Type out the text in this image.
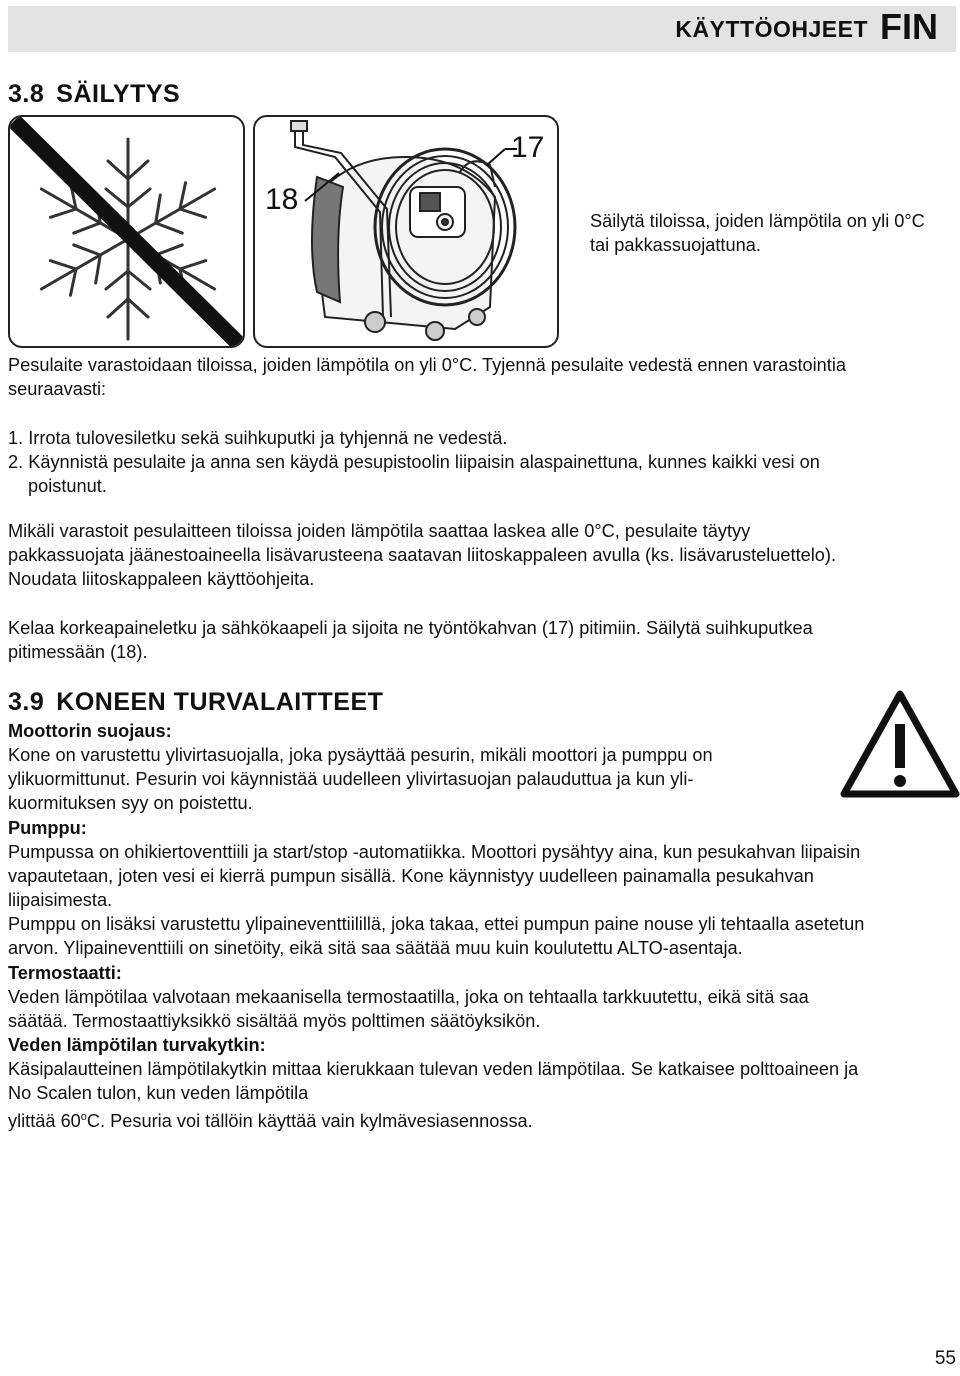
KÄYTTÖOHJEET FIN
3.8 SÄILYTYS
17
18
Säilytä tiloissa, joiden lämpötila on yli 0°C
tai pakkassuojattuna.
Pesulaite varastoidaan tiloissa, joiden lämpötila on yli 0°C. Tyjennä pesulaite vedestä ennen varastointia
seuraavasti:
1. Irrota tulovesiletku sekä suihkuputki ja tyhjennä ne vedestä.
2. Käynnistä pesulaite ja anna sen käydä pesupistoolin liipaisin alaspainettuna, kunnes kaikki vesi on
poistunut.
Mikäli varastoit pesulaitteen tiloissa joiden lämpötila saattaa laskea alle 0°C, pesulaite täytyy
pakkassuojata jäänestoaineella lisävarusteena saatavan liitoskappaleen avulla (ks. lisävarusteluettelo).
Noudata liitoskappaleen käyttöohjeita.
Kelaa korkeapaineletku ja sähkökaapeli ja sijoita ne työntökahvan (17) pitimiin. Säilytä suihkuputkea
pitimessään (18).
3.9 KONEEN TURVALAITTEET
Moottorin suojaus:
Kone on varustettu ylivirtasuojalla, joka pysäyttää pesurin, mikäli moottori ja pumppu on
ylikuormittunut. Pesurin voi käynnistää uudelleen ylivirtasuojan palauduttua ja kun yli-
kuormituksen syy on poistettu.
Pumppu:
Pumpussa on ohikiertoventtiili ja start/stop -automatiikka. Moottori pysähtyy aina, kun pesukahvan liipaisin
vapautetaan, joten vesi ei kierrä pumpun sisällä. Kone käynnistyy uudelleen painamalla pesukahvan
liipaisimesta.
Pumppu on lisäksi varustettu ylipaineventtiilillä, joka takaa, ettei pumpun paine nouse yli tehtaalla asetetun
arvon. Ylipaineventtiili on sinetöity, eikä sitä saa säätää muu kuin koulutettu ALTO-asentaja.
Termostaatti:
Veden lämpötilaa valvotaan mekaanisella termostaatilla, joka on tehtaalla tarkkuutettu, eikä sitä saa
säätää. Termostaattiyksikkö sisältää myös polttimen säätöyksikön.
Veden lämpötilan turvakytkin:
Käsipalautteinen lämpötilakytkin mittaa kierukkaan tulevan veden lämpötilaa. Se katkaisee polttoaineen ja
No Scalen tulon, kun veden lämpötila
ylittää 60$^o$C. Pesuria voi tällöin käyttää vain kylmävesiasennossa.
55
